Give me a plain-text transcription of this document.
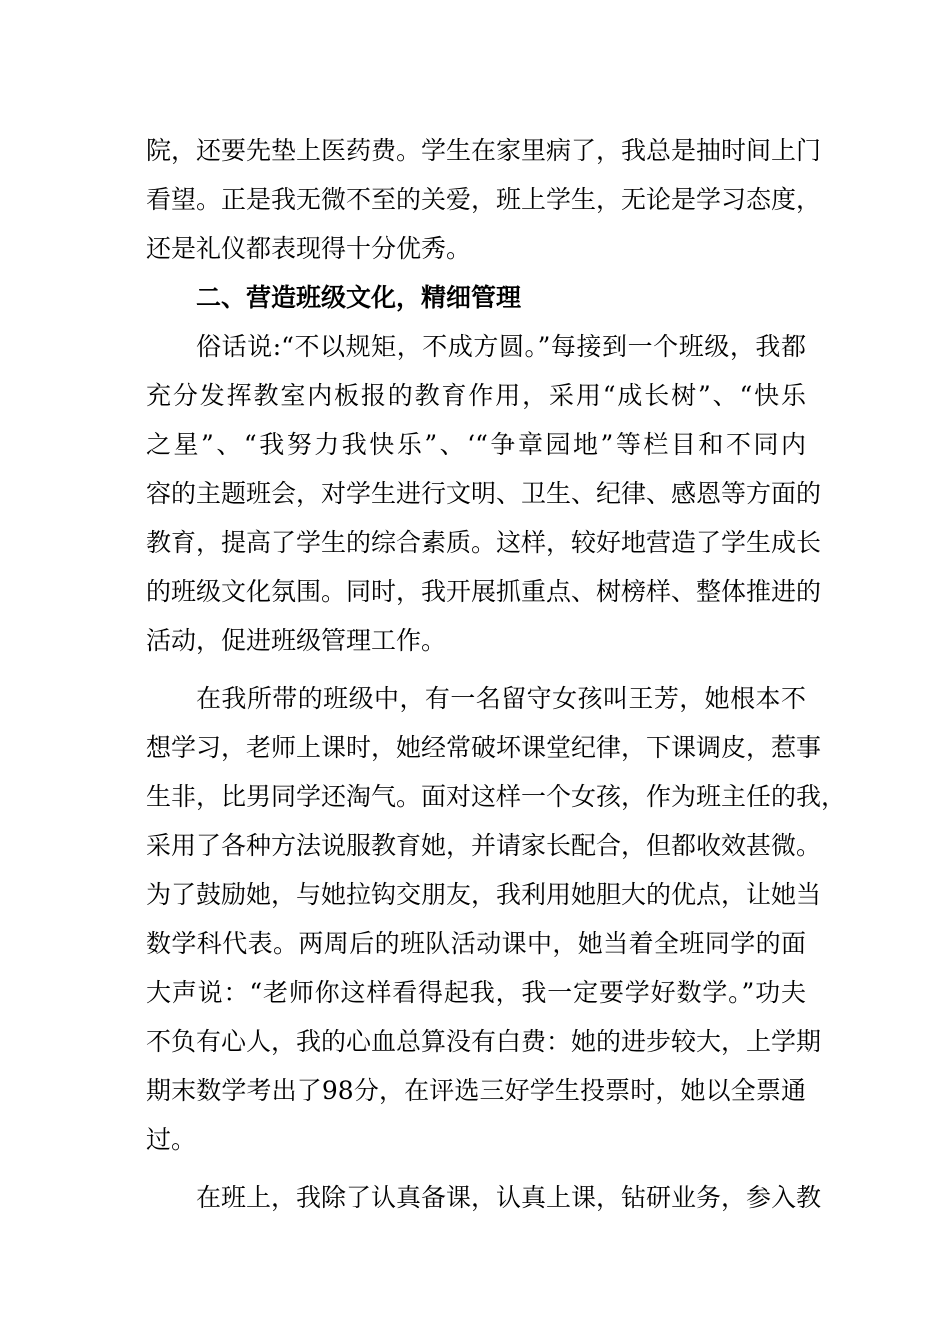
院，还要先垫上医药费。学生在家里病了，我总是抽时间上门
看望。正是我无微不至的关爱，班上学生，无论是学习态度，
还是礼仪都表现得十分优秀。
二、营造班级文化，精细管理
俗话说:“不以规矩，不成方圆。”每接到一个班级，我都
充分发挥教室内板报的教育作用，采用“成长树”、“快乐
之星”、“我努力我快乐”、‘“争章园地”等栏目和不同内
容的主题班会，对学生进行文明、卫生、纪律、感恩等方面的
教育，提高了学生的综合素质。这样，较好地营造了学生成长
的班级文化氛围。同时，我开展抓重点、树榜样、整体推进的
活动，促进班级管理工作。
在我所带的班级中，有一名留守女孩叫王芳，她根本不
想学习，老师上课时，她经常破坏课堂纪律，下课调皮，惹事
生非，比男同学还淘气。面对这样一个女孩，作为班主任的我，
采用了各种方法说服教育她，并请家长配合，但都收效甚微。
为了鼓励她，与她拉钩交朋友，我利用她胆大的优点，让她当
数学科代表。两周后的班队活动课中，她当着全班同学的面
大声说：“老师你这样看得起我，我一定要学好数学。”功夫
不负有心人，我的心血总算没有白费：她的进步较大，上学期
期末数学考出了98分，在评选三好学生投票时，她以全票通
过。
在班上，我除了认真备课，认真上课，钻研业务，参入教
